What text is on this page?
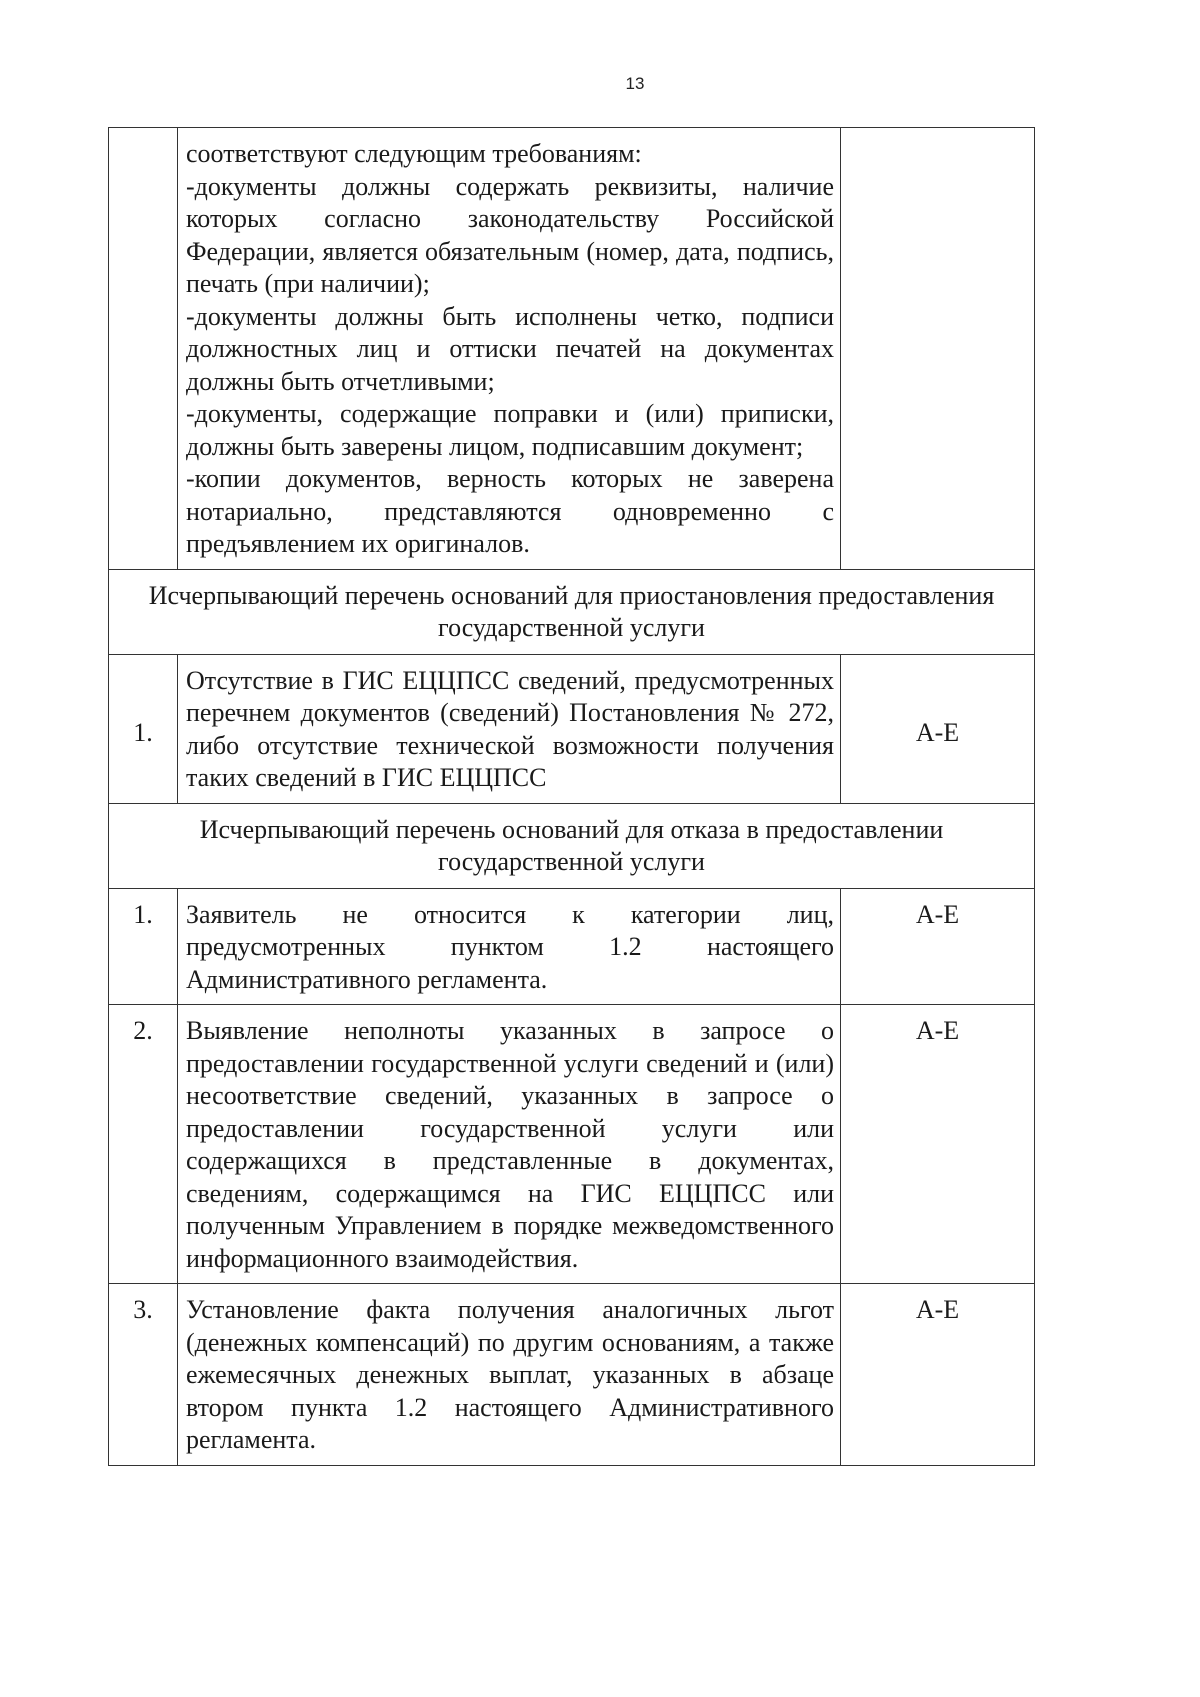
13

	соответствуют следующим требованиям:
-документы должны содержать реквизиты, наличие которых согласно законодательству Российской Федерации, является обязательным (номер, дата, подпись, печать (при наличии);
-документы должны быть исполнены четко, подписи должностных лиц и оттиски печатей на документах должны быть отчетливыми;
-документы, содержащие поправки и (или) приписки, должны быть заверены лицом, подписавшим документ;
-копии документов, верность которых не заверена нотариально, представляются одновременно с предъявлением их оригиналов.	

Исчерпывающий перечень оснований для приостановления предоставления государственной услуги		
1.	Отсутствие в ГИС ЕЦЦПСС сведений, предусмотренных перечнем документов (сведений) Постановления № 272, либо отсутствие технической возможности получения таких сведений в ГИС ЕЦЦПСС	А-Е
Исчерпывающий перечень оснований для отказа в предоставлении государственной услуги		
1.	Заявитель не относится к категории лиц, предусмотренных пунктом 1.2 настоящего Административного регламента.	А-Е
2.	Выявление неполноты указанных в запросе о предоставлении государственной услуги сведений и (или) несоответствие сведений, указанных в запросе о предоставлении государственной услуги или содержащихся в представленные в документах, сведениям, содержащимся на ГИС ЕЦЦПСС или полученным Управлением в порядке межведомственного информационного взаимодействия.	А-Е
3.	Установление факта получения аналогичных льгот (денежных компенсаций) по другим основаниям, а также ежемесячных денежных выплат, указанных в абзаце втором пункта 1.2 настоящего Административного регламента.	А-Е
